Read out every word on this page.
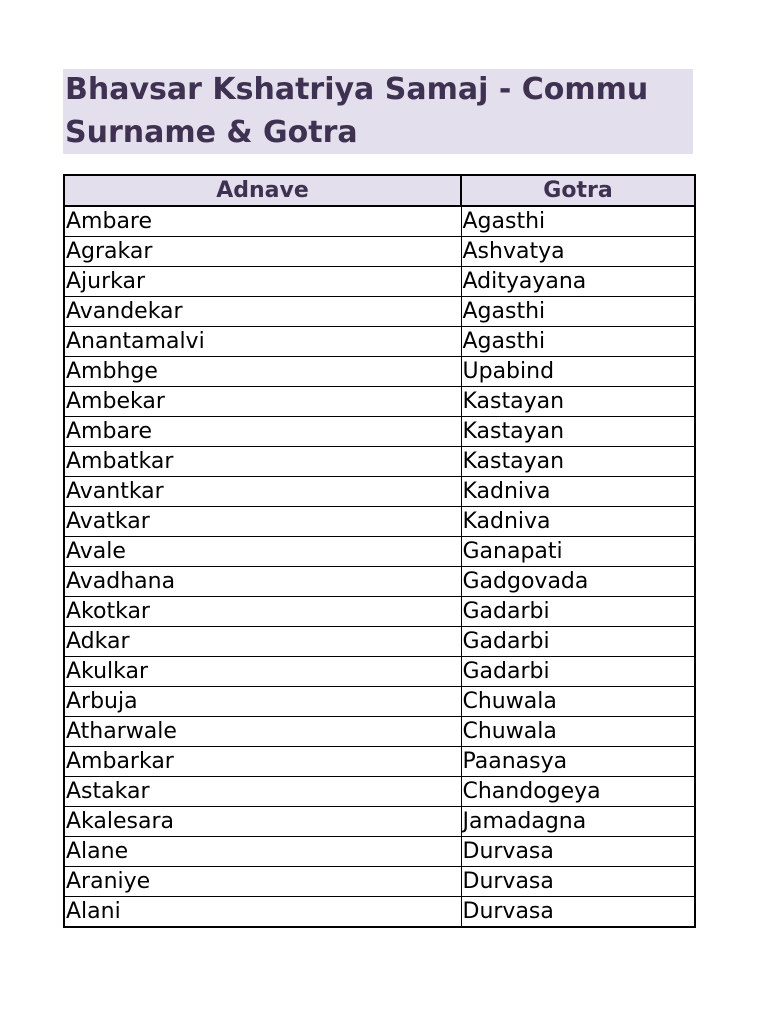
Bhavsar Kshatriya Samaj - Commu
Surname & Gotra
Adnave	Gotra
Ambare	Agasthi
Agrakar	Ashvatya
Ajurkar	Adityayana
Avandekar	Agasthi
Anantamalvi	Agasthi
Ambhge	Upabind
Ambekar	Kastayan
Ambare	Kastayan
Ambatkar	Kastayan
Avantkar	Kadniva
Avatkar	Kadniva
Avale	Ganapati
Avadhana	Gadgovada
Akotkar	Gadarbi
Adkar	Gadarbi
Akulkar	Gadarbi
Arbuja	Chuwala
Atharwale	Chuwala
Ambarkar	Paanasya
Astakar	Chandogeya
Akalesara	Jamadagna
Alane	Durvasa
Araniye	Durvasa
Alani	Durvasa
